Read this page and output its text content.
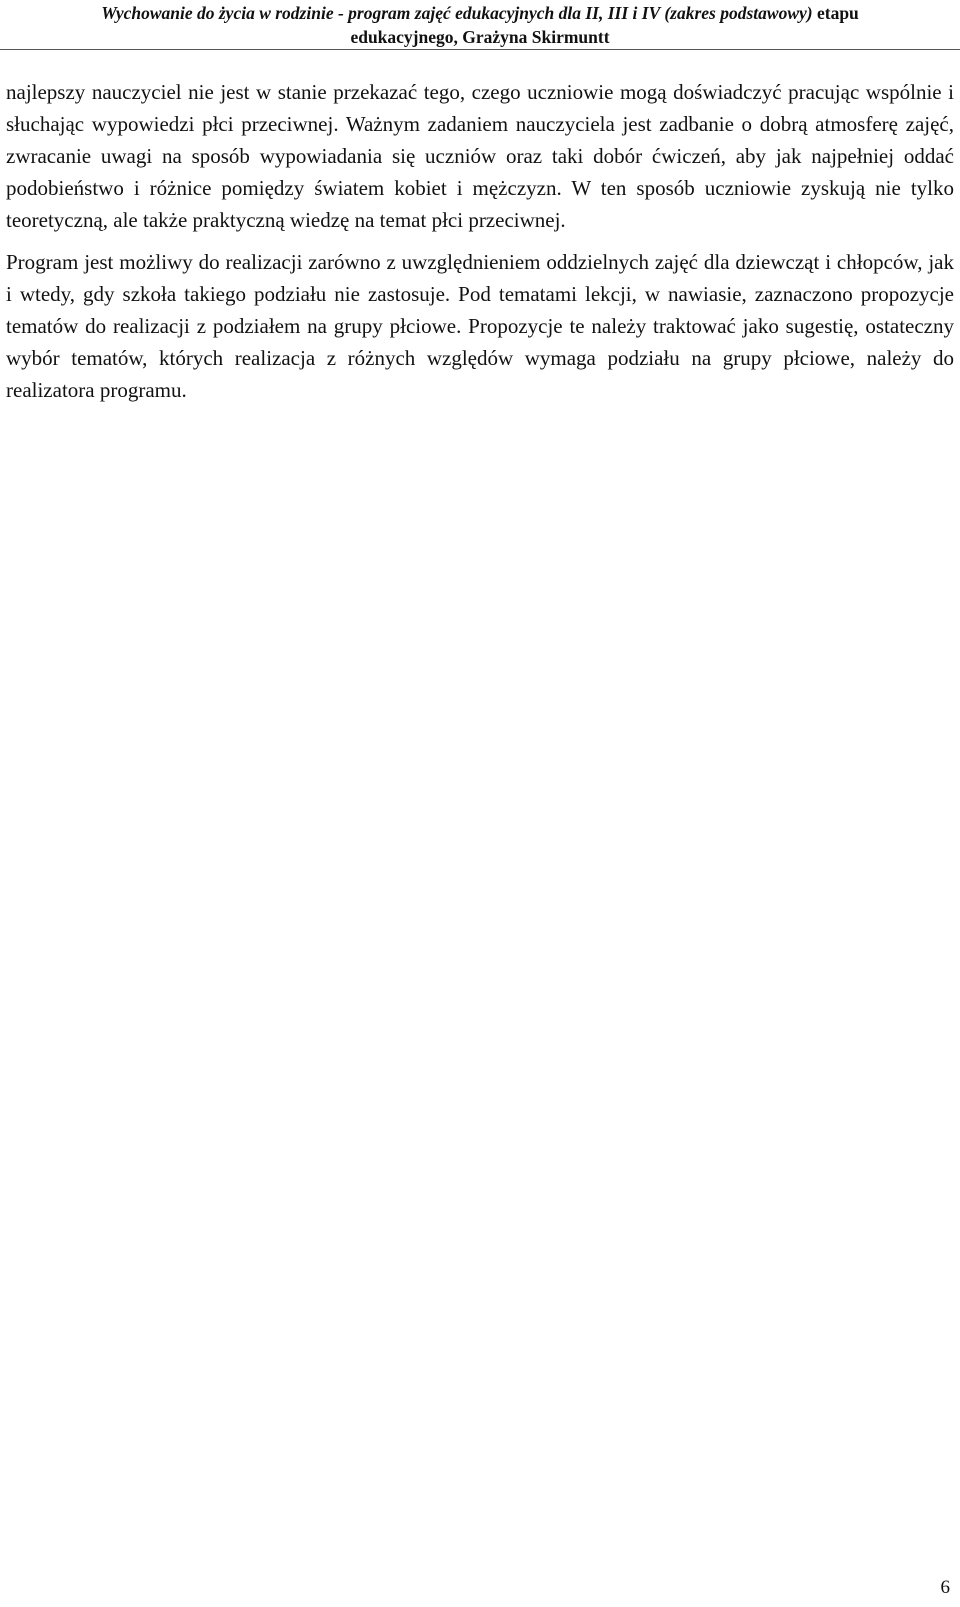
Wychowanie do życia w rodzinie - program zajęć edukacyjnych dla II, III i IV (zakres podstawowy) etapu
edukacyjnego, Grażyna Skirmuntt

najlepszy nauczyciel nie jest w stanie przekazać tego, czego uczniowie mogą doświadczyć pracując wspólnie i słuchając wypowiedzi płci przeciwnej. Ważnym zadaniem nauczyciela jest zadbanie o dobrą atmosferę zajęć, zwracanie uwagi na sposób wypowiadania się uczniów oraz taki dobór ćwiczeń, aby jak najpełniej oddać podobieństwo i różnice pomiędzy światem kobiet i mężczyzn. W ten sposób uczniowie zyskują nie tylko teoretyczną, ale także praktyczną wiedzę na temat płci przeciwnej.

Program jest możliwy do realizacji zarówno z uwzględnieniem oddzielnych zajęć dla dziewcząt i chłopców, jak i wtedy, gdy szkoła takiego podziału nie zastosuje. Pod tematami lekcji, w nawiasie, zaznaczono propozycje tematów do realizacji z podziałem na grupy płciowe. Propozycje te należy traktować jako sugestię, ostateczny wybór tematów, których realizacja z różnych względów wymaga podziału na grupy płciowe, należy do realizatora programu.

6
